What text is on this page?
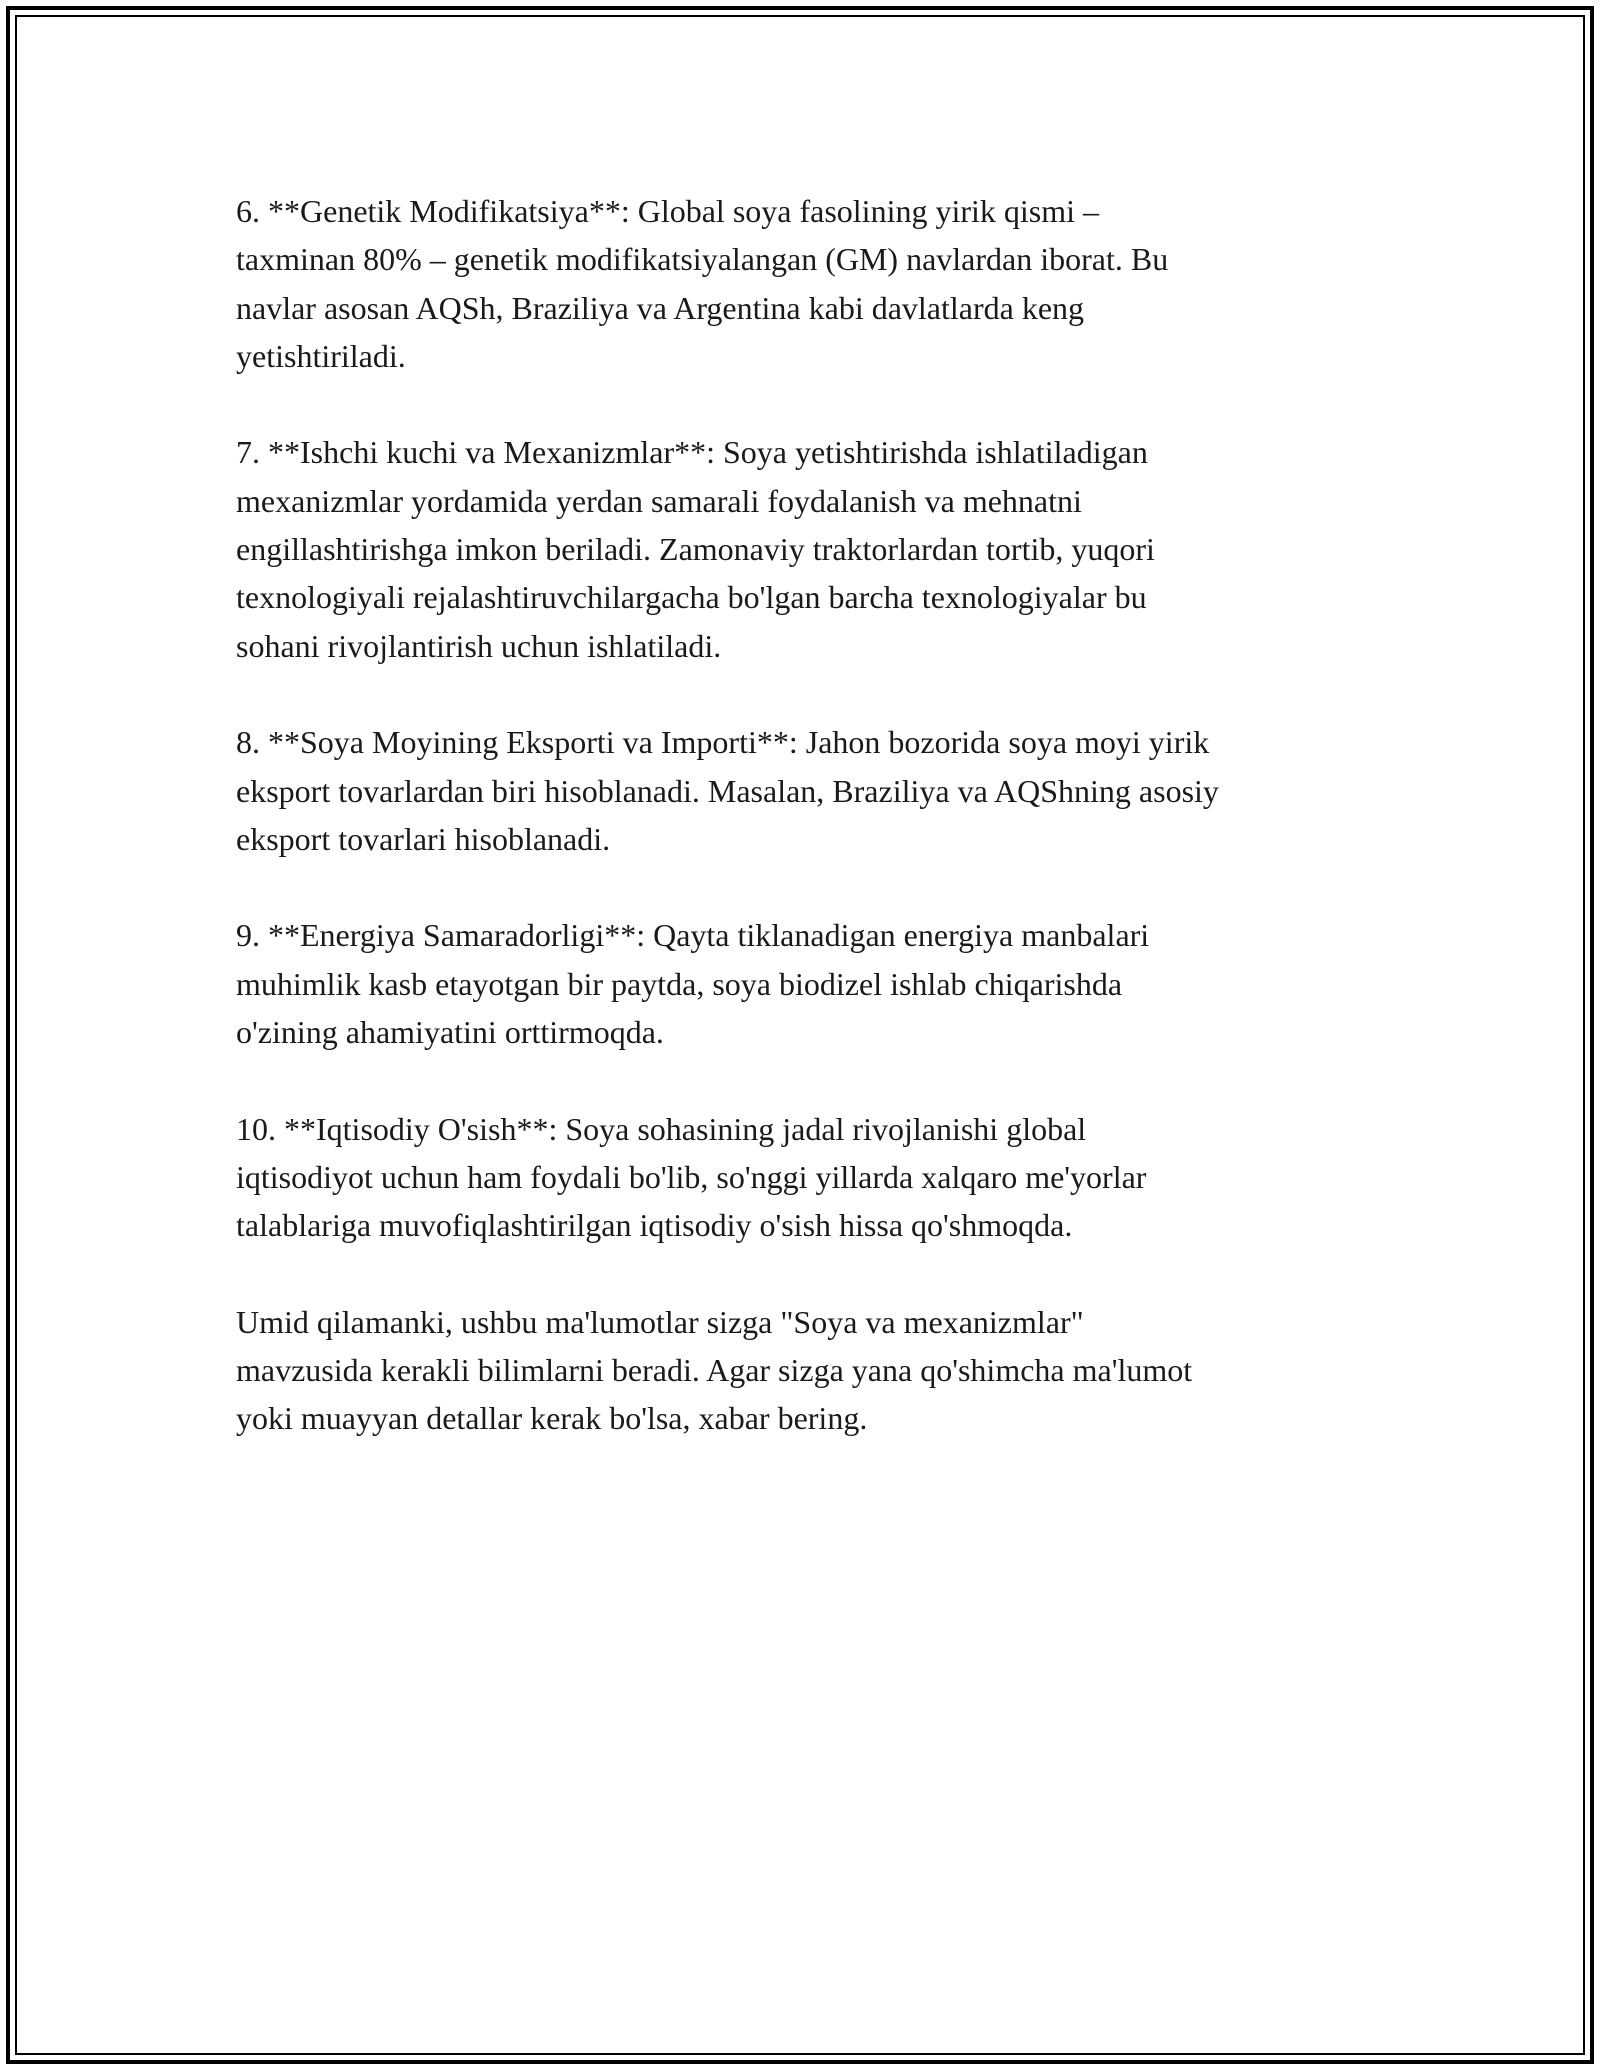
6. **Genetik Modifikatsiya**: Global soya fasolining yirik qismi –
taxminan 80% – genetik modifikatsiyalangan (GM) navlardan iborat. Bu
navlar asosan AQSh, Braziliya va Argentina kabi davlatlarda keng
yetishtiriladi.

7. **Ishchi kuchi va Mexanizmlar**: Soya yetishtirishda ishlatiladigan
mexanizmlar yordamida yerdan samarali foydalanish va mehnatni
engillashtirishga imkon beriladi. Zamonaviy traktorlardan tortib, yuqori
texnologiyali rejalashtiruvchilargacha bo'lgan barcha texnologiyalar bu
sohani rivojlantirish uchun ishlatiladi.

8. **Soya Moyining Eksporti va Importi**: Jahon bozorida soya moyi yirik
eksport tovarlardan biri hisoblanadi. Masalan, Braziliya va AQShning asosiy
eksport tovarlari hisoblanadi.

9. **Energiya Samaradorligi**: Qayta tiklanadigan energiya manbalari
muhimlik kasb etayotgan bir paytda, soya biodizel ishlab chiqarishda
o'zining ahamiyatini orttirmoqda.

10. **Iqtisodiy O'sish**: Soya sohasining jadal rivojlanishi global
iqtisodiyot uchun ham foydali bo'lib, so'nggi yillarda xalqaro me'yorlar
talablariga muvofiqlashtirilgan iqtisodiy o'sish hissa qo'shmoqda.

Umid qilamanki, ushbu ma'lumotlar sizga "Soya va mexanizmlar"
mavzusida kerakli bilimlarni beradi. Agar sizga yana qo'shimcha ma'lumot
yoki muayyan detallar kerak bo'lsa, xabar bering.
